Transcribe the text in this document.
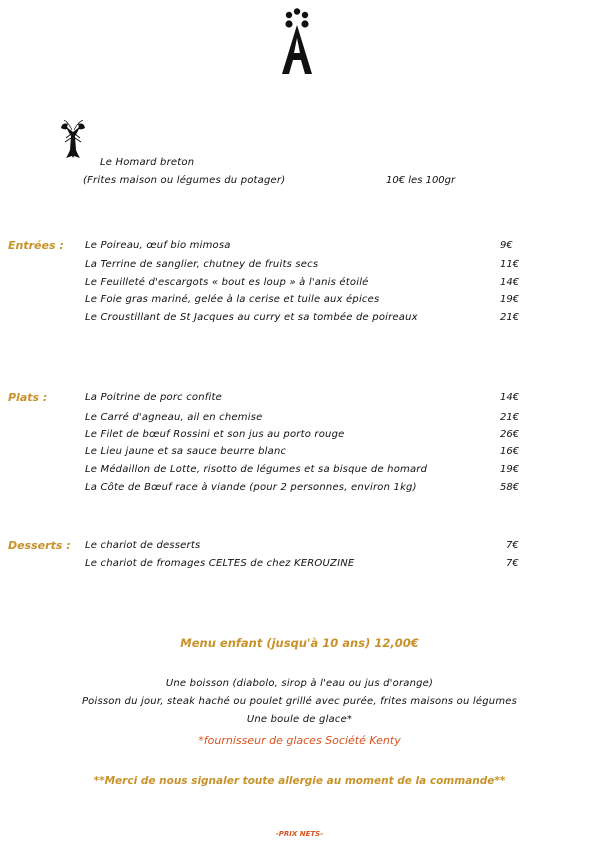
Le Homard breton
(Frites maison ou légumes du potager)	10€ les 100gr
Entrées : Le Poireau, œuf bio mimosa	9€
La Terrine de sanglier, chutney de fruits secs	11€
Le Feuilleté d'escargots « bout es loup » à l'anis étoilé	14€
Le Foie gras mariné, gelée à la cerise et tuile aux épices	19€
Le Croustillant de St Jacques au curry et sa tombée de poireaux	21€
Plats :	La Poitrine de porc confite	14€
Le Carré d'agneau, ail en chemise	21€
Le Filet de bœuf Rossini et son jus au porto rouge	26€
Le Lieu jaune et sa sauce beurre blanc	16€
Le Médaillon de Lotte, risotto de légumes et sa bisque de homard	19€
La Côte de Bœuf race à viande (pour 2 personnes, environ 1kg)	58€
Desserts : Le chariot de desserts	7€
Le chariot de fromages CELTES de chez KEROUZINE	7€
Menu enfant (jusqu'à 10 ans) 12,00€
Une boisson (diabolo, sirop à l'eau ou jus d'orange)
Poisson du jour, steak haché ou poulet grillé avec purée, frites maisons ou légumes
Une boule de glace*
*fournisseur de glaces Société Kenty
**Merci de nous signaler toute allergie au moment de la commande**
-PRIX NETS-
